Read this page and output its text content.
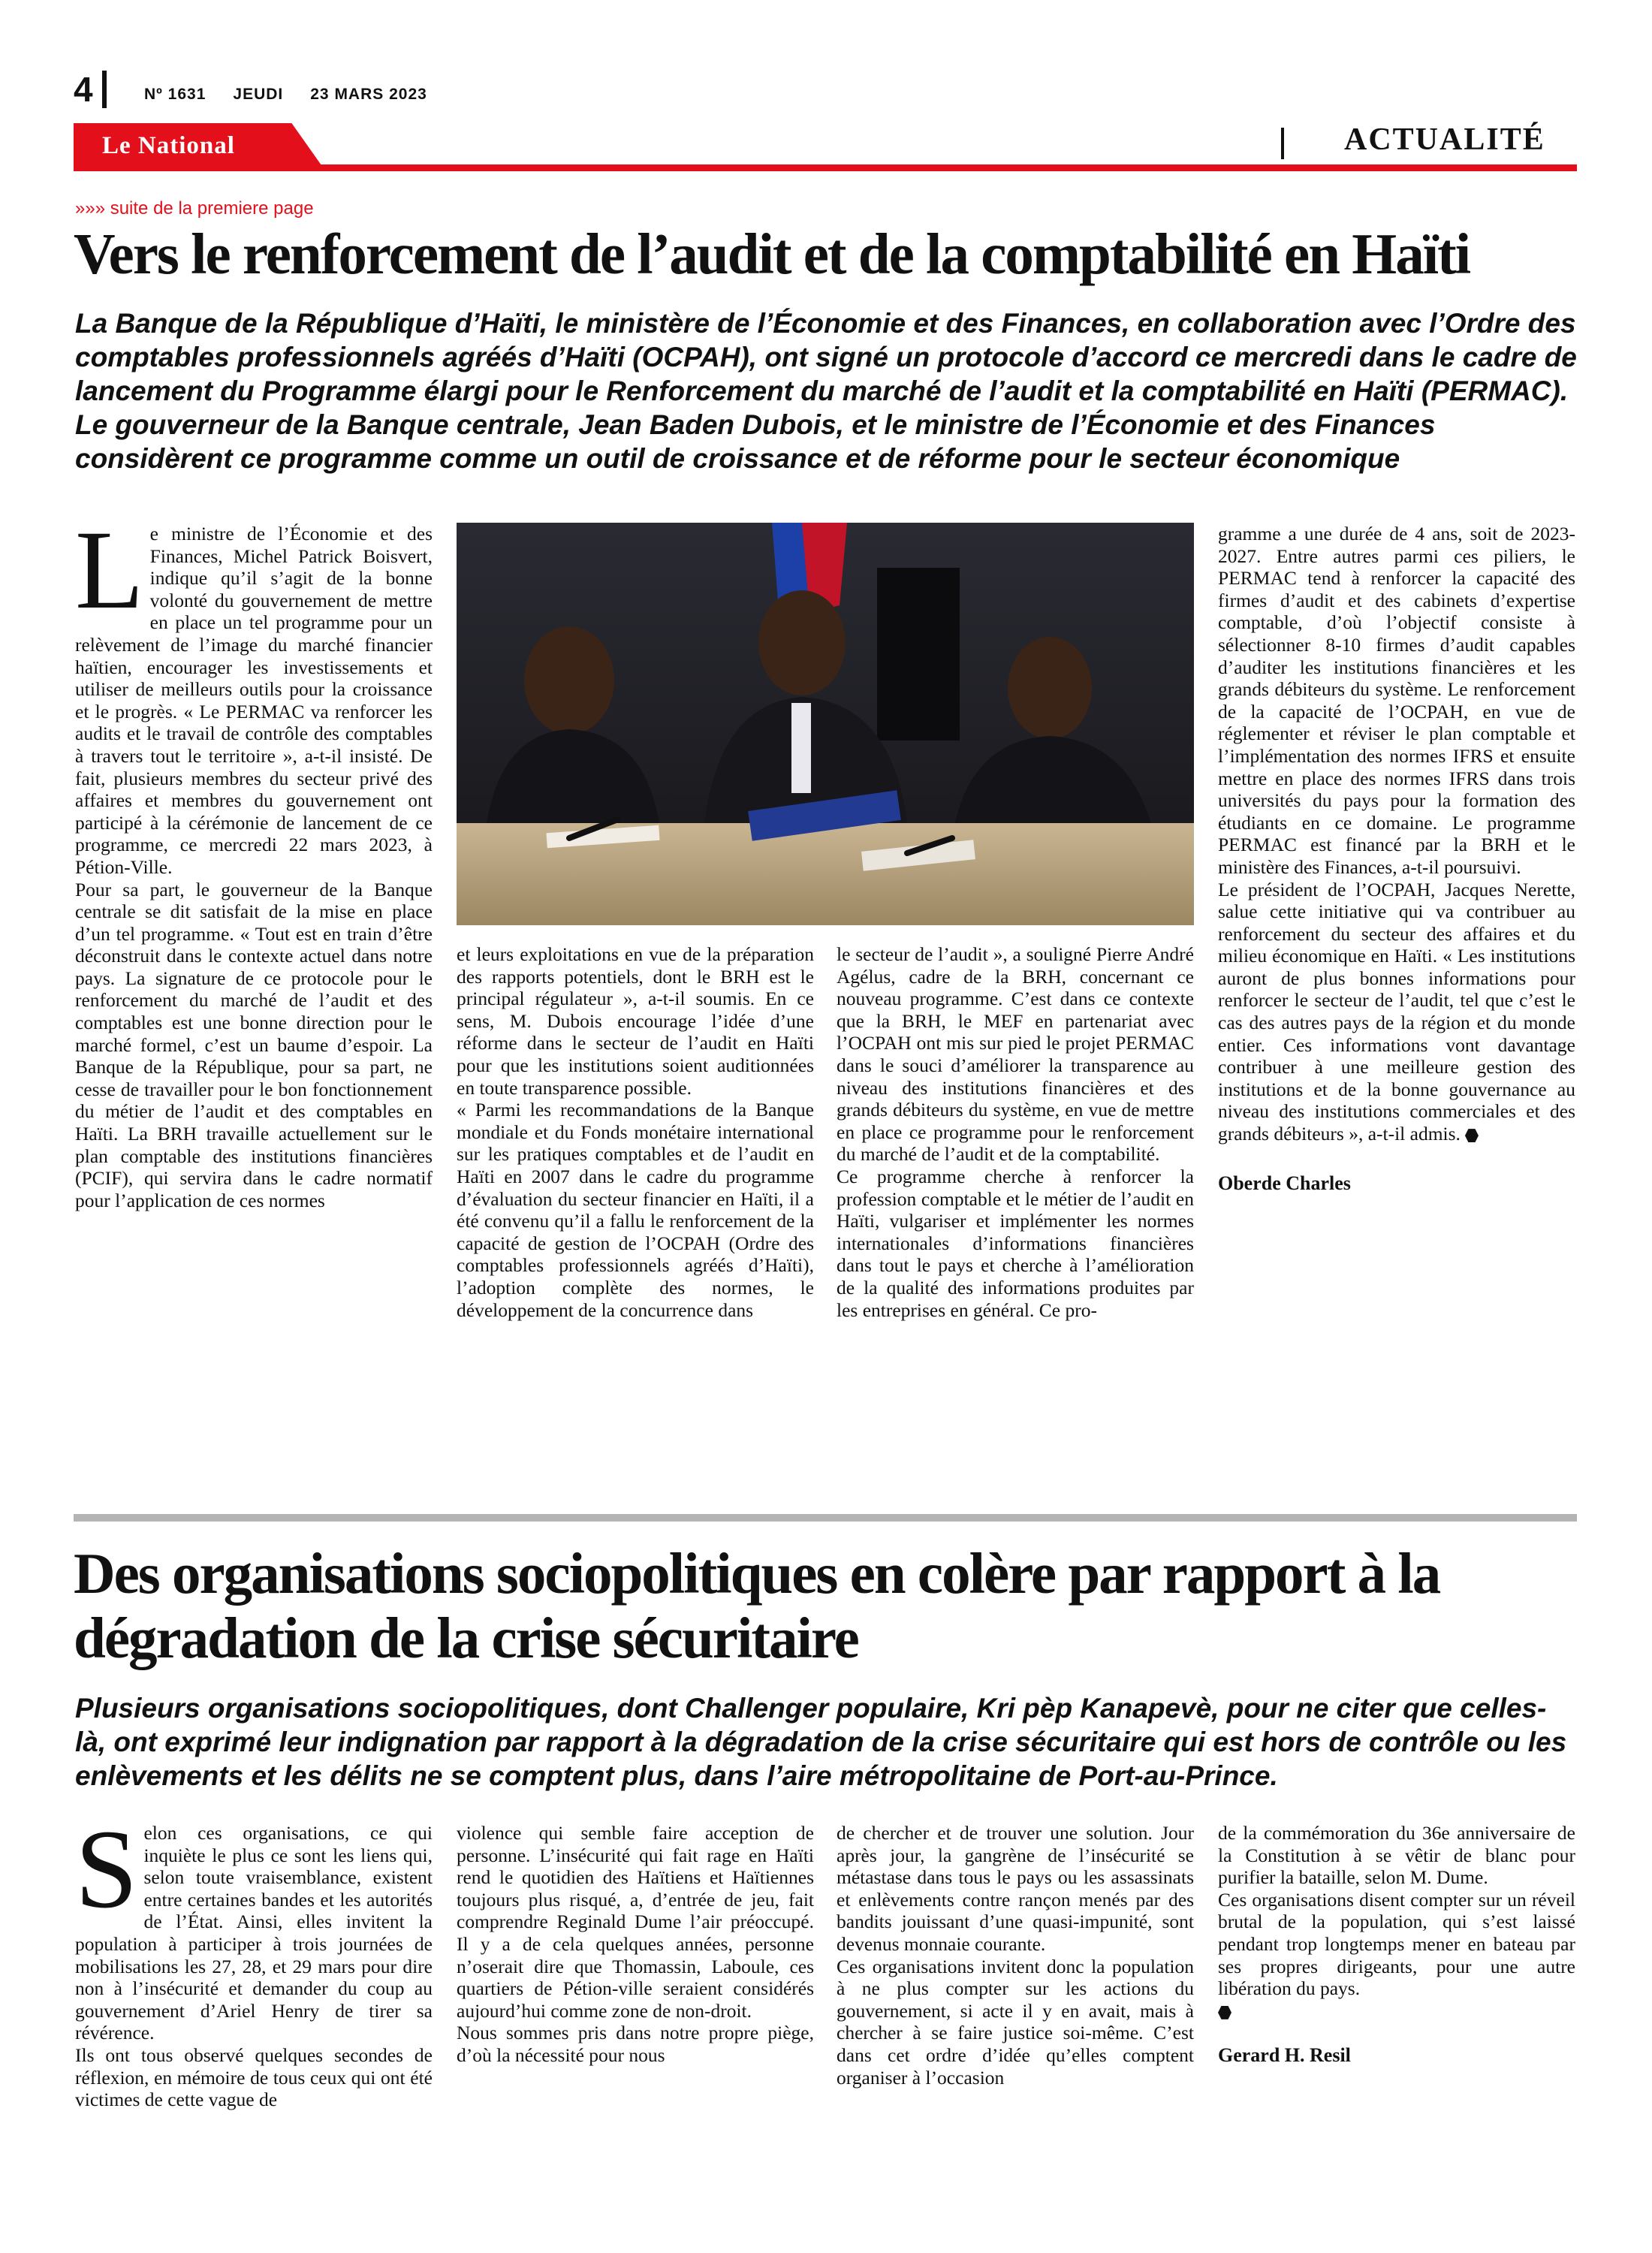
4	Nº 1631 JEUDI 23 MARS 2023
Le National	ACTUALITÉ
»»» suite de la premiere page
Vers le renforcement de l’audit et de la comptabilité en Haïti
La Banque de la République d’Haïti, le ministère de l’Économie et des Finances, en collaboration avec l’Ordre des comptables professionnels agréés d’Haïti (OCPAH), ont signé un protocole d’accord ce mercredi dans le cadre de lancement du Programme élargi pour le Renforcement du marché de l’audit et la comptabilité en Haïti (PERMAC). Le gouverneur de la Banque centrale, Jean Baden Dubois, et le ministre de l’Économie et des Finances considèrent ce programme comme un outil de croissance et de réforme pour le secteur économique
L e ministre de l’Économie et des Finances, Michel Patrick Boisvert, indique qu’il s’agit de la bonne volonté du gouvernement de mettre en place un tel programme pour un relèvement de l’image du marché financier haïtien, encourager les investissements et utiliser de meilleurs outils pour la croissance et le progrès. « Le PERMAC va renforcer les audits et le travail de contrôle des comptables à travers tout le territoire », a-t-il insisté. De fait, plusieurs membres du secteur privé des affaires et membres du gouvernement ont participé à la cérémonie de lancement de ce programme, ce mercredi 22 mars 2023, à Pétion-Ville.

Pour sa part, le gouverneur de la Banque centrale se dit satisfait de la mise en place d’un tel programme. « Tout est en train d’être déconstruit dans le contexte actuel dans notre pays. La signature de ce protocole pour le renforcement du marché de l’audit et des comptables est une bonne direction pour le marché formel, c’est un baume d’espoir. La Banque de la République, pour sa part, ne cesse de travailler pour le bon fonctionnement du métier de l’audit et des comptables en Haïti. La BRH travaille actuellement sur le plan comptable des institutions financières (PCIF), qui servira dans le cadre normatif pour l’application de ces normes

et leurs exploitations en vue de la préparation des rapports potentiels, dont le BRH est le principal régulateur », a-t-il soumis. En ce sens, M. Dubois encourage l’idée d’une réforme dans le secteur de l’audit en Haïti pour que les institutions soient auditionnées en toute transparence possible.

« Parmi les recommandations de la Banque mondiale et du Fonds monétaire international sur les pratiques comptables et de l’audit en Haïti en 2007 dans le cadre du programme d’évaluation du secteur financier en Haïti, il a été convenu qu’il a fallu le renforcement de la capacité de gestion de l’OCPAH (Ordre des comptables professionnels agréés d’Haïti), l’adoption complète des normes, le développement de la concurrence dans

le secteur de l’audit », a souligné Pierre André Agélus, cadre de la BRH, concernant ce nouveau programme. C’est dans ce contexte que la BRH, le MEF en partenariat avec l’OCPAH ont mis sur pied le projet PERMAC dans le souci d’améliorer la transparence au niveau des institutions financières et des grands débiteurs du système, en vue de mettre en place ce programme pour le renforcement du marché de l’audit et de la comptabilité.

Ce programme cherche à renforcer la profession comptable et le métier de l’audit en Haïti, vulgariser et implémenter les normes internationales d’informations financières dans tout le pays et cherche à l’amélioration de la qualité des informations produites par les entreprises en général. Ce pro-

gramme a une durée de 4 ans, soit de 2023-2027. Entre autres parmi ces piliers, le PERMAC tend à renforcer la capacité des firmes d’audit et des cabinets d’expertise comptable, d’où l’objectif consiste à sélectionner 8-10 firmes d’audit capables d’auditer les institutions financières et les grands débiteurs du système. Le renforcement de la capacité de l’OCPAH, en vue de réglementer et réviser le plan comptable et l’implémentation des normes IFRS et ensuite mettre en place des normes IFRS dans trois universités du pays pour la formation des étudiants en ce domaine. Le programme PERMAC est financé par la BRH et le ministère des Finances, a-t-il poursuivi.

Le président de l’OCPAH, Jacques Nerette, salue cette initiative qui va contribuer au renforcement du secteur des affaires et du milieu économique en Haïti. « Les institutions auront de plus bonnes informations pour renforcer le secteur de l’audit, tel que c’est le cas des autres pays de la région et du monde entier. Ces informations vont davantage contribuer à une meilleure gestion des institutions et de la bonne gouvernance au niveau des institutions commerciales et des grands débiteurs », a-t-il admis.

Oberde Charles

Des organisations sociopolitiques en colère par rapport à la dégradation de la crise sécuritaire
Plusieurs organisations sociopolitiques, dont Challenger populaire, Kri pèp Kanapevè, pour ne citer que celles-là, ont exprimé leur indignation par rapport à la dégradation de la crise sécuritaire qui est hors de contrôle ou les enlèvements et les délits ne se comptent plus, dans l’aire métropolitaine de Port-au-Prince.
S elon ces organisations, ce qui inquiète le plus ce sont les liens qui, selon toute vraisemblance, existent entre certaines bandes et les autorités de l’État. Ainsi, elles invitent la population à participer à trois journées de mobilisations les 27, 28, et 29 mars pour dire non à l’insécurité et demander du coup au gouvernement d’Ariel Henry de tirer sa révérence.

Ils ont tous observé quelques secondes de réflexion, en mémoire de tous ceux qui ont été victimes de cette vague de

violence qui semble faire acception de personne. L’insécurité qui fait rage en Haïti rend le quotidien des Haïtiens et Haïtiennes toujours plus risqué, a, d’entrée de jeu, fait comprendre Reginald Dume l’air préoccupé. Il y a de cela quelques années, personne n’oserait dire que Thomassin, Laboule, ces quartiers de Pétion-ville seraient considérés aujourd’hui comme zone de non-droit.

Nous sommes pris dans notre propre piège, d’où la nécessité pour nous

de chercher et de trouver une solution. Jour après jour, la gangrène de l’insécurité se métastase dans tous le pays ou les assassinats et enlèvements contre rançon menés par des bandits jouissant d’une quasi-impunité, sont devenus monnaie courante.

Ces organisations invitent donc la population à ne plus compter sur les actions du gouvernement, si acte il y en avait, mais à chercher à se faire justice soi-même. C’est dans cet ordre d’idée qu’elles comptent organiser à l’occasion

de la commémoration du 36e anniversaire de la Constitution à se vêtir de blanc pour purifier la bataille, selon M. Dume.

Ces organisations disent compter sur un réveil brutal de la population, qui s’est laissé pendant trop longtemps mener en bateau par ses propres dirigeants, pour une autre libération du pays.

Gerard H. Resil
